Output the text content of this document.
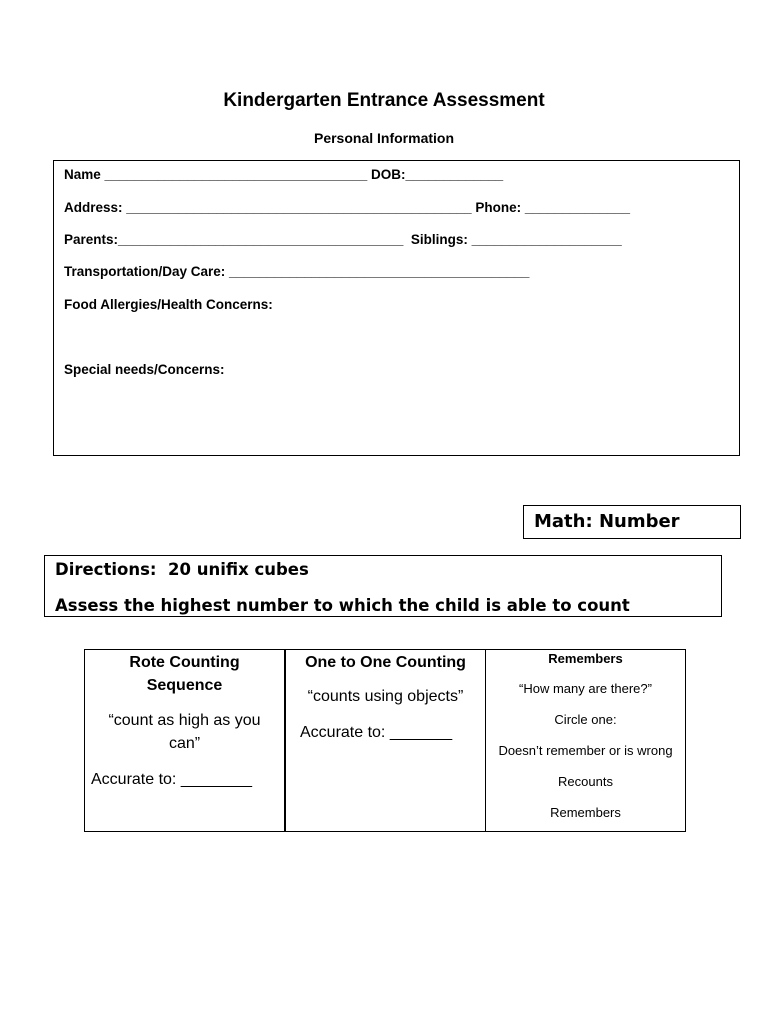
Kindergarten Entrance Assessment
Personal Information
Name ___________________________________ DOB:_____________
Address: ______________________________________________ Phone: ______________
Parents:______________________________________  Siblings: ____________________
Transportation/Day Care: ________________________________________
Food Allergies/Health Concerns:
Special needs/Concerns:
Math: Number
Directions:  20 unifix cubes
Assess the highest number to which the child is able to count
Rote Counting
Sequence
“count as high as you
can”
Accurate to: ________
One to One Counting
“counts using objects”
Accurate to: _______
Remembers
“How many are there?”
Circle one:
Doesn’t remember or is wrong
Recounts
Remembers
